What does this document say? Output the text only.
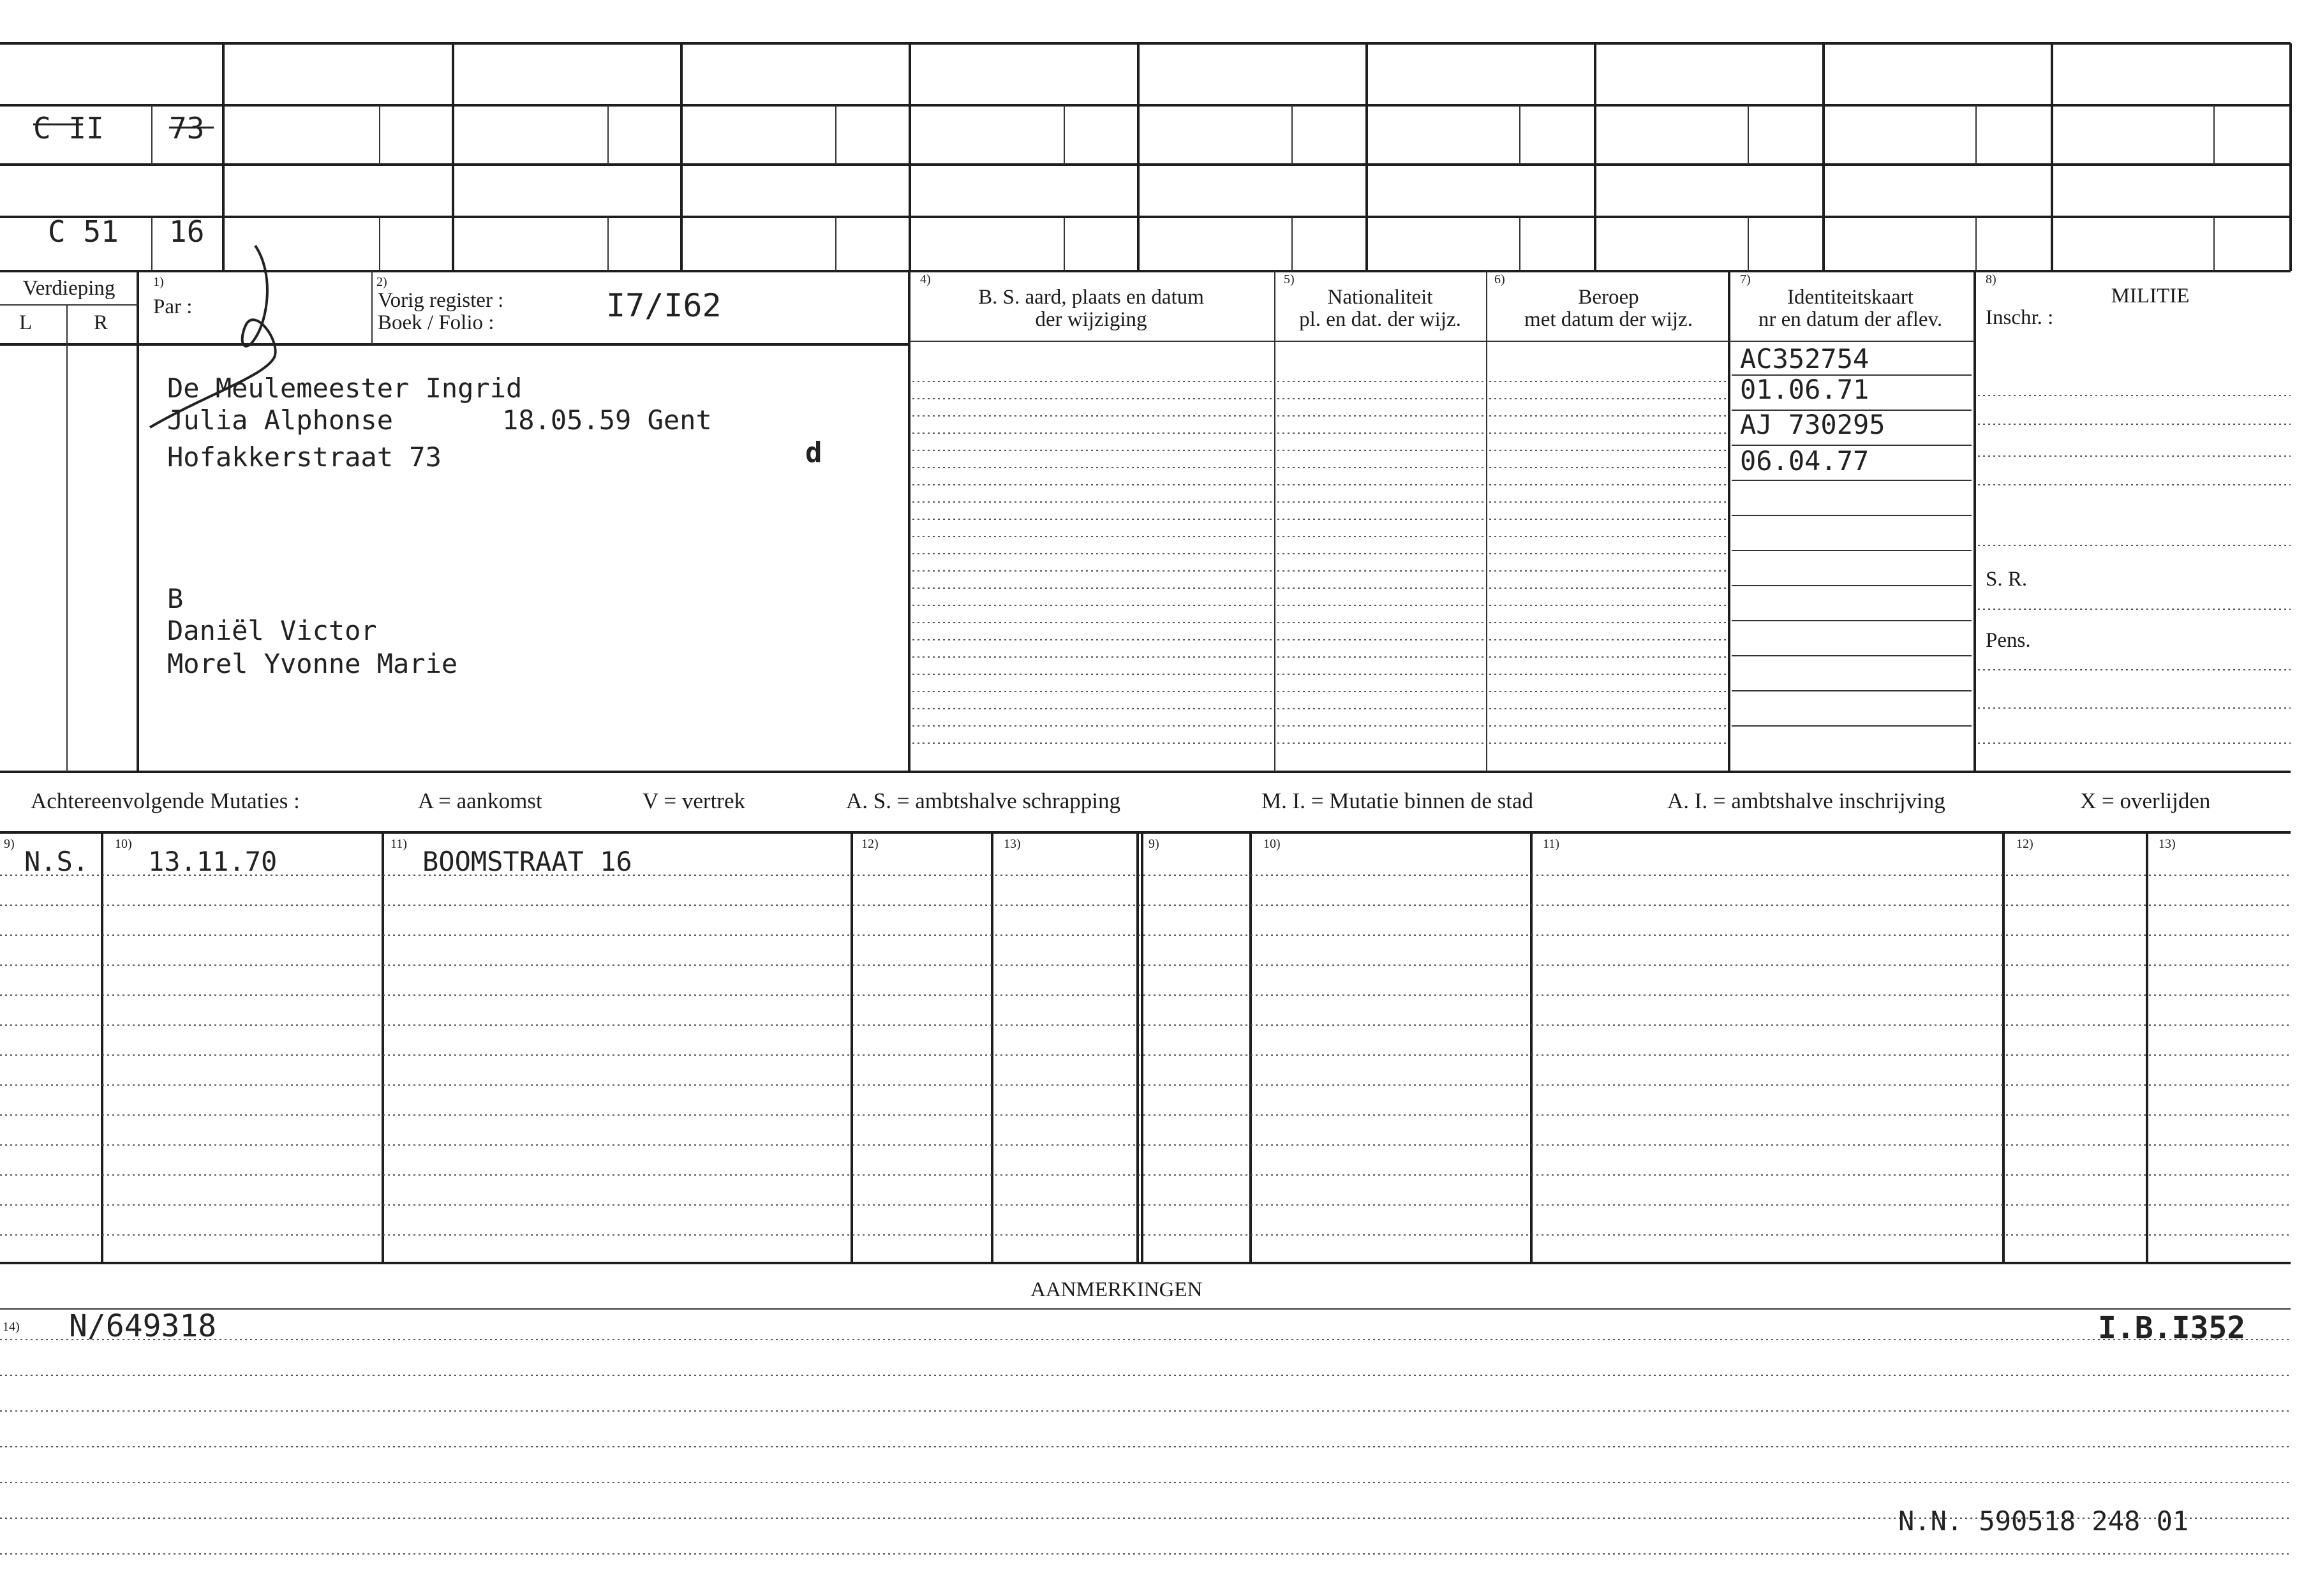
C II 73
C 51 16
Verdieping
L	R
1)
Par :
2)
Vorig register :
Boek / Folio :	I7/I62
4)
B. S. aard, plaats en datum
der wijziging
5)
Nationaliteit
pl. en dat. der wijz.
6)
Beroep
met datum der wijz.
7)
Identiteitskaart
nr en datum der aflev.
8)
MILITIE
Inschr. :
S. R.
Pens.
De Meulemeester Ingrid
Julia Alphonse	18.05.59 Gent
Hofakkerstraat 73	d
B
Daniël Victor
Morel Yvonne Marie
AC352754
01.06.71
AJ 730295
06.04.77
Achtereenvolgende Mutaties :	A = aankomst	V = vertrek	A. S. = ambtshalve schrapping	M. I. = Mutatie binnen de stad	A. I. = ambtshalve inschrijving	X = overlijden
9)	10)	11)	12)	13)	9)	10)	11)	12)	13)
N.S. 13.11.70	BOOMSTRAAT 16
AANMERKINGEN
14) N/649318	I.B.I352
N.N. 590518 248 01
